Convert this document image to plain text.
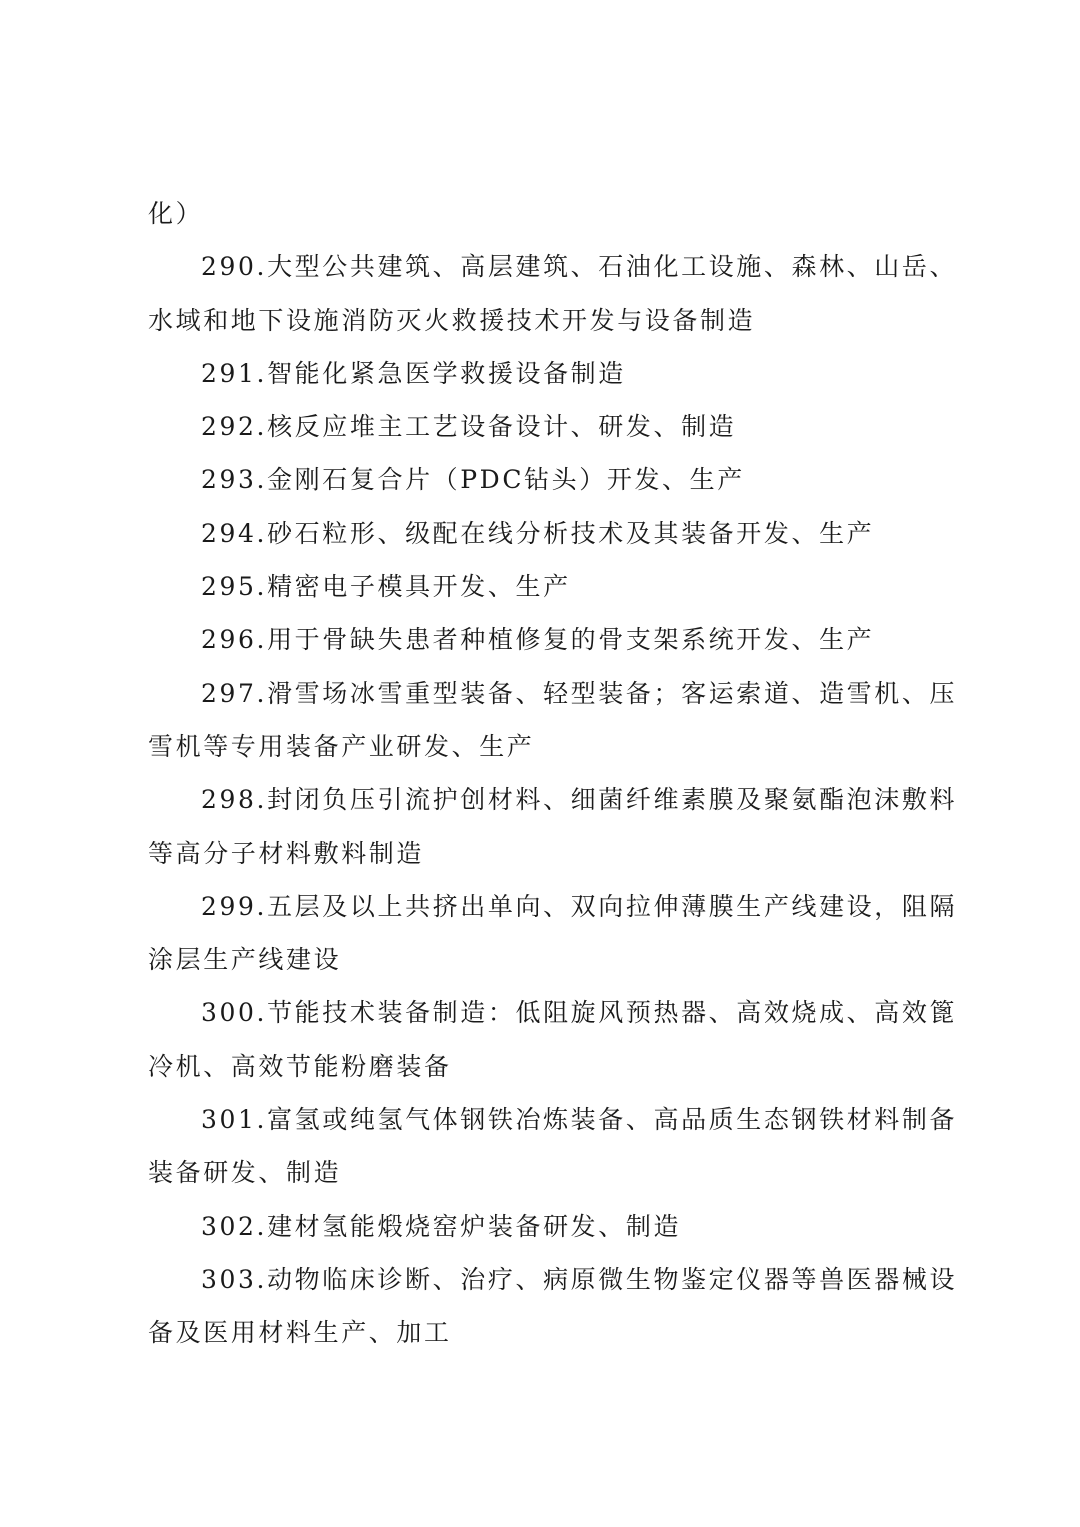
化）
290.大型公共建筑、高层建筑、石油化工设施、森林、山岳、
水域和地下设施消防灭火救援技术开发与设备制造
291.智能化紧急医学救援设备制造
292.核反应堆主工艺设备设计、研发、制造
293.金刚石复合片（PDC钻头）开发、生产
294.砂石粒形、级配在线分析技术及其装备开发、生产
295.精密电子模具开发、生产
296.用于骨缺失患者种植修复的骨支架系统开发、生产
297.滑雪场冰雪重型装备、轻型装备；客运索道、造雪机、压
雪机等专用装备产业研发、生产
298.封闭负压引流护创材料、细菌纤维素膜及聚氨酯泡沫敷料
等高分子材料敷料制造
299.五层及以上共挤出单向、双向拉伸薄膜生产线建设，阻隔
涂层生产线建设
300.节能技术装备制造：低阻旋风预热器、高效烧成、高效篦
冷机、高效节能粉磨装备
301.富氢或纯氢气体钢铁冶炼装备、高品质生态钢铁材料制备
装备研发、制造
302.建材氢能煅烧窑炉装备研发、制造
303.动物临床诊断、治疗、病原微生物鉴定仪器等兽医器械设
备及医用材料生产、加工
